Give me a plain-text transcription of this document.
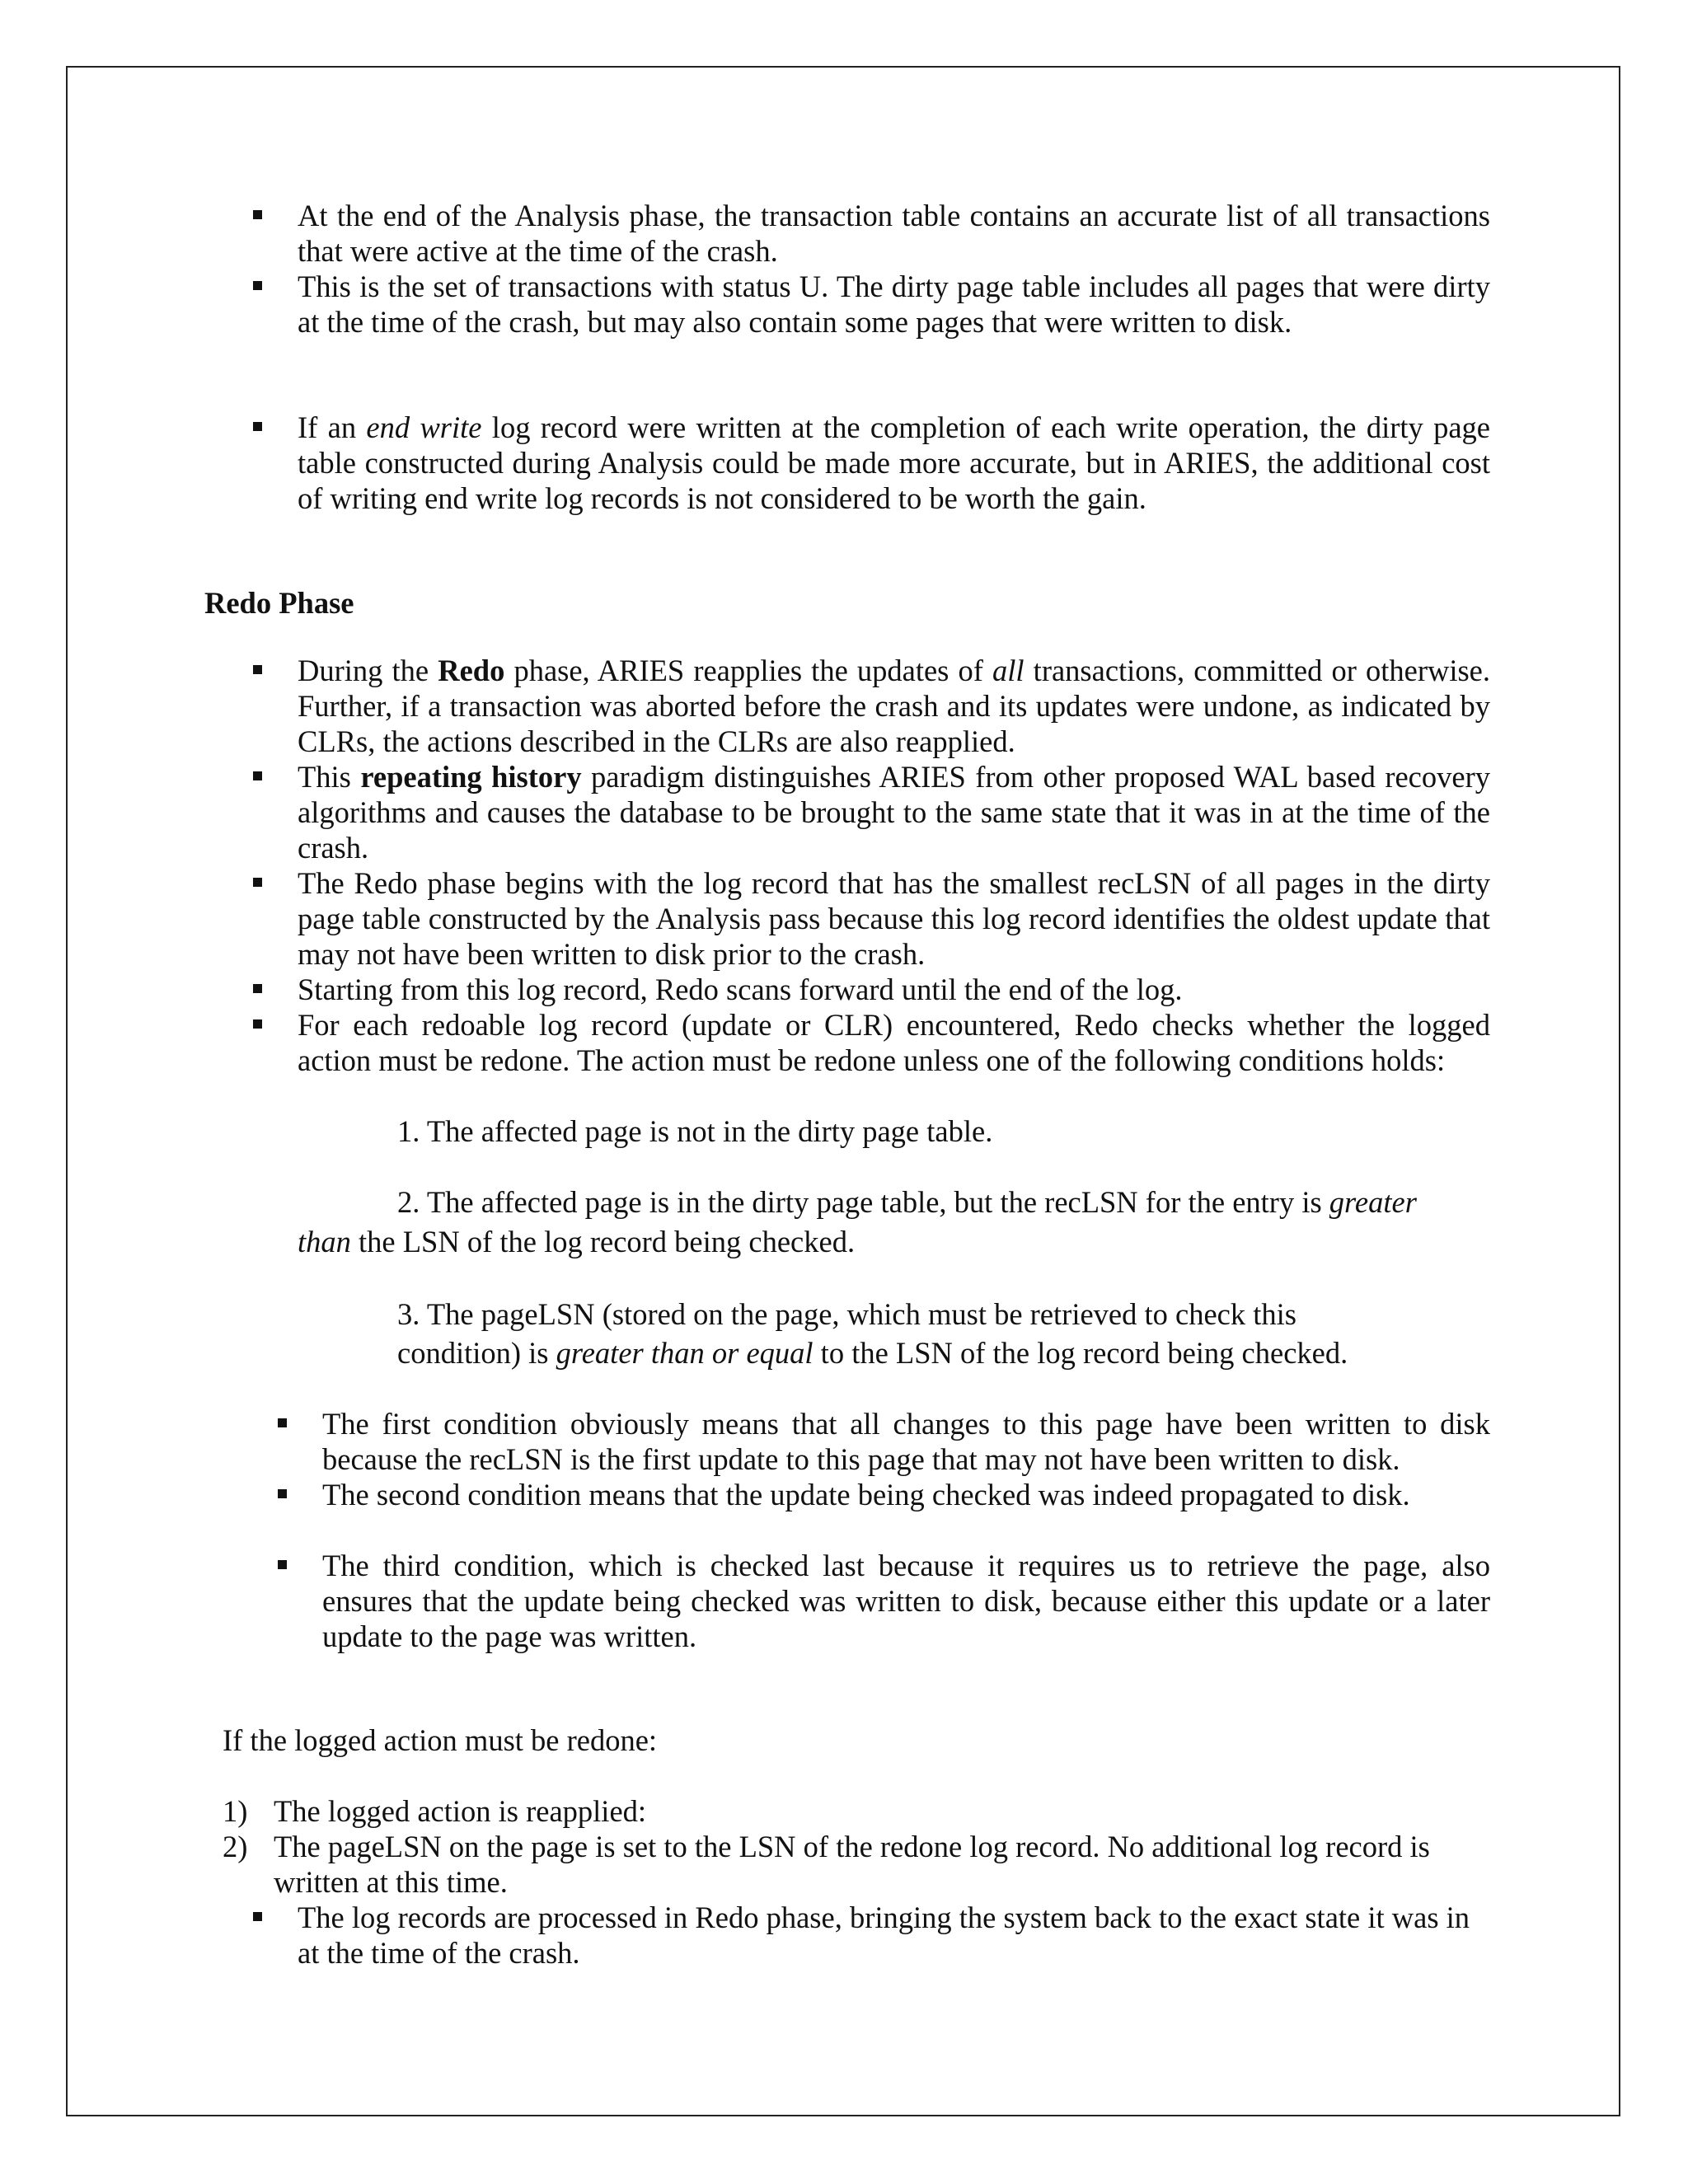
At the end of the Analysis phase, the transaction table contains an accurate list of all transactions that were active at the time of the crash.
This is the set of transactions with status U. The dirty page table includes all pages that were dirty at the time of the crash, but may also contain some pages that were written to disk.
If an end write log record were written at the completion of each write operation, the dirty page table constructed during Analysis could be made more accurate, but in ARIES, the additional cost of writing end write log records is not considered to be worth the gain.
Redo Phase
During the Redo phase, ARIES reapplies the updates of all transactions, committed or otherwise. Further, if a transaction was aborted before the crash and its updates were undone, as indicated by CLRs, the actions described in the CLRs are also reapplied.
This repeating history paradigm distinguishes ARIES from other proposed WAL based recovery algorithms and causes the database to be brought to the same state that it was in at the time of the crash.
The Redo phase begins with the log record that has the smallest recLSN of all pages in the dirty page table constructed by the Analysis pass because this log record identifies the oldest update that may not have been written to disk prior to the crash.
Starting from this log record, Redo scans forward until the end of the log.
For each redoable log record (update or CLR) encountered, Redo checks whether the logged action must be redone. The action must be redone unless one of the following conditions holds:
1. The affected page is not in the dirty page table.
2. The affected page is in the dirty page table, but the recLSN for the entry is greater
than the LSN of the log record being checked.
3. The pageLSN (stored on the page, which must be retrieved to check this
condition) is greater than or equal to the LSN of the log record being checked.
The first condition obviously means that all changes to this page have been written to disk because the recLSN is the first update to this page that may not have been written to disk.
The second condition means that the update being checked was indeed propagated to disk.
The third condition, which is checked last because it requires us to retrieve the page, also ensures that the update being checked was written to disk, because either this update or a later update to the page was written.
If the logged action must be redone:
1) The logged action is reapplied:
2) The pageLSN on the page is set to the LSN of the redone log record. No additional log record is written at this time.
The log records are processed in Redo phase, bringing the system back to the exact state it was in at the time of the crash.
